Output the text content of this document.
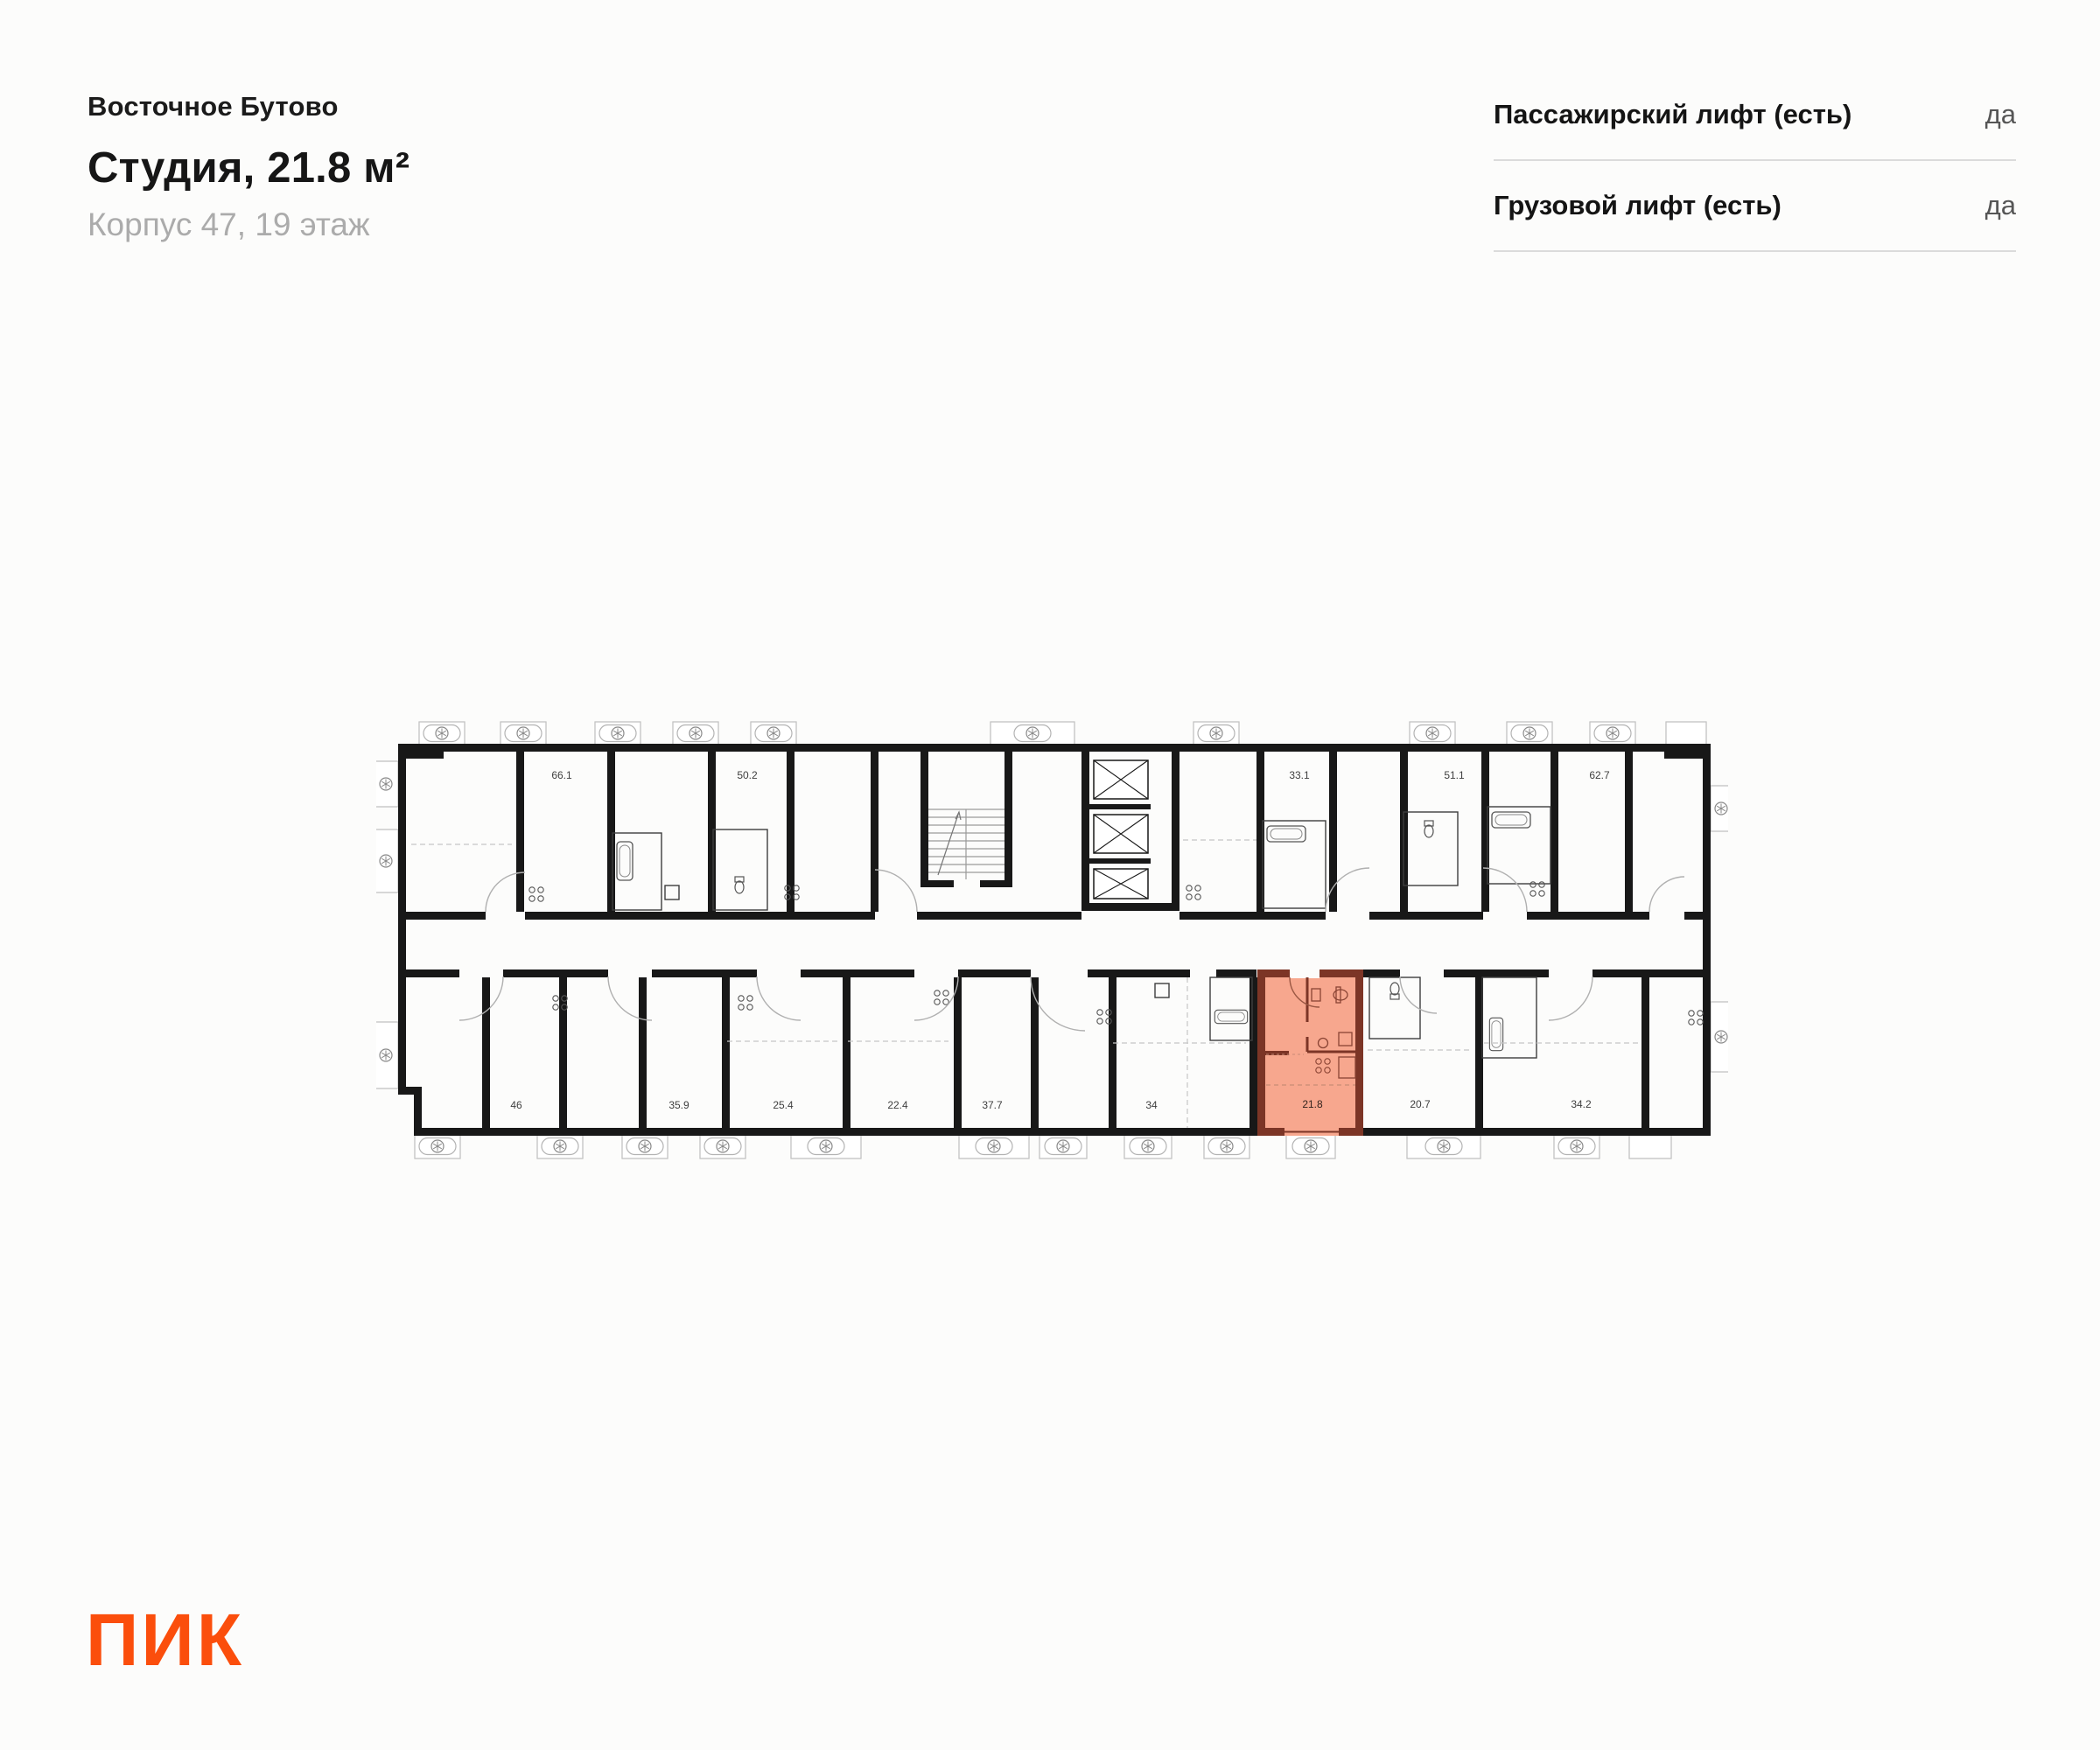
Восточное Бутово
Студия, 21.8 м²
Корпус 47, 19 этаж
Пассажирский лифт (есть)	да
Грузовой лифт (есть)	да
21.8
66.1	50.2	33.1	51.1	62.7
46	35.9	25.4	22.4	37.7	34	20.7	34.2
ПИК
